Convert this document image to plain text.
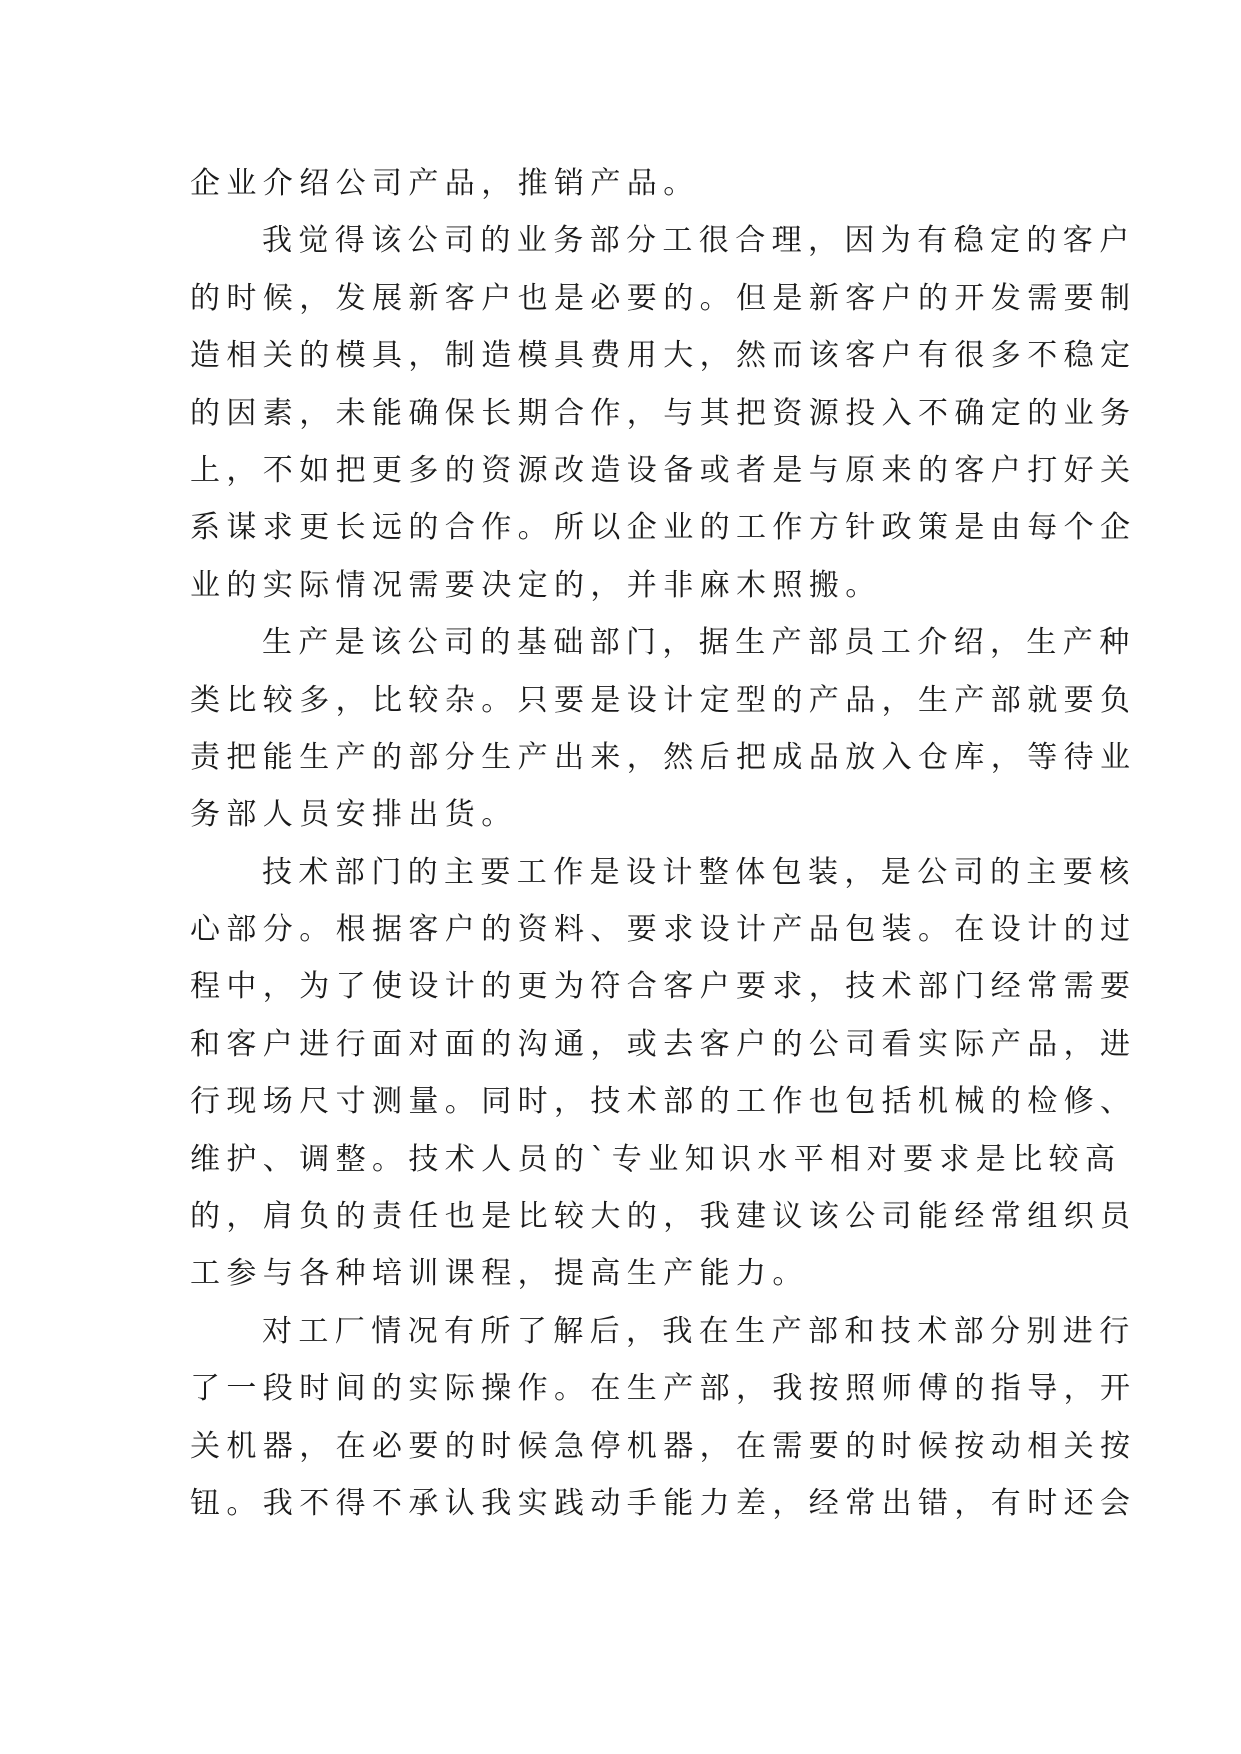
企业介绍公司产品，推销产品。
我觉得该公司的业务部分工很合理，因为有稳定的客户
的时候，发展新客户也是必要的。但是新客户的开发需要制
造相关的模具，制造模具费用大，然而该客户有很多不稳定
的因素，未能确保长期合作，与其把资源投入不确定的业务
上，不如把更多的资源改造设备或者是与原来的客户打好关
系谋求更长远的合作。所以企业的工作方针政策是由每个企
业的实际情况需要决定的，并非麻木照搬。
生产是该公司的基础部门，据生产部员工介绍，生产种
类比较多，比较杂。只要是设计定型的产品，生产部就要负
责把能生产的部分生产出来，然后把成品放入仓库，等待业
务部人员安排出货。
技术部门的主要工作是设计整体包装，是公司的主要核
心部分。根据客户的资料、要求设计产品包装。在设计的过
程中，为了使设计的更为符合客户要求，技术部门经常需要
和客户进行面对面的沟通，或去客户的公司看实际产品，进
行现场尺寸测量。同时，技术部的工作也包括机械的检修、
维护、调整。技术人员的`专业知识水平相对要求是比较高
的，肩负的责任也是比较大的，我建议该公司能经常组织员
工参与各种培训课程，提高生产能力。
对工厂情况有所了解后，我在生产部和技术部分别进行
了一段时间的实际操作。在生产部，我按照师傅的指导，开
关机器，在必要的时候急停机器，在需要的时候按动相关按
钮。我不得不承认我实践动手能力差，经常出错，有时还会
